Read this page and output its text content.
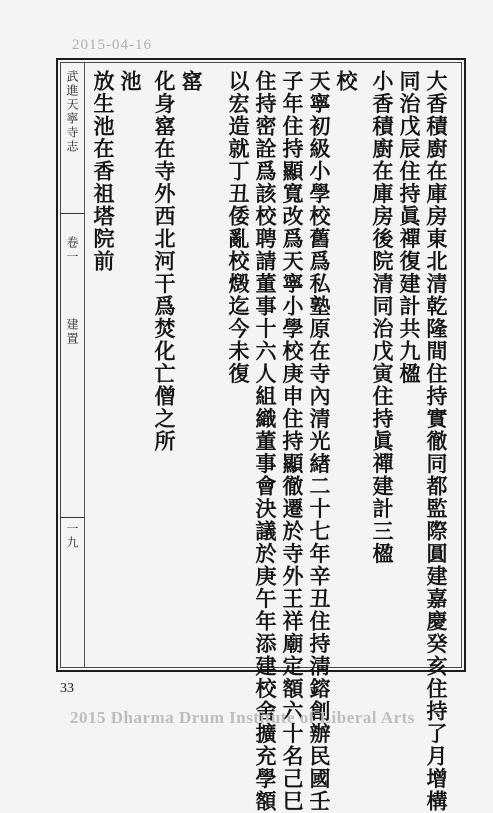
2015-04-16
武進天寧寺志
卷一
建置
一九	大香積廚在庫房東北清乾隆間住持實徹同都監際圓建嘉慶癸亥住持了月增構
同治戊辰住持眞禪復建計共九楹
小香積廚在庫房後院清同治戊寅住持眞禪建計三楹
校
天寧初級小學校舊爲私塾原在寺內清光緖二十七年辛丑住持淸鎔創辦民國壬
子年住持顯寬改爲天寧小學校庚申住持顯徹遷於寺外王祥廟定額六十名己巳
住持密詮爲該校聘請董事十六人組織董事會決議於庚午年添建校舍擴充學額
以宏造就丁丑倭亂校燬迄今未復
窰
化身窰在寺外西北河干爲焚化亡僧之所
池
放生池在香祖塔院前
33
2015 Dharma Drum Institute of Liberal Arts
